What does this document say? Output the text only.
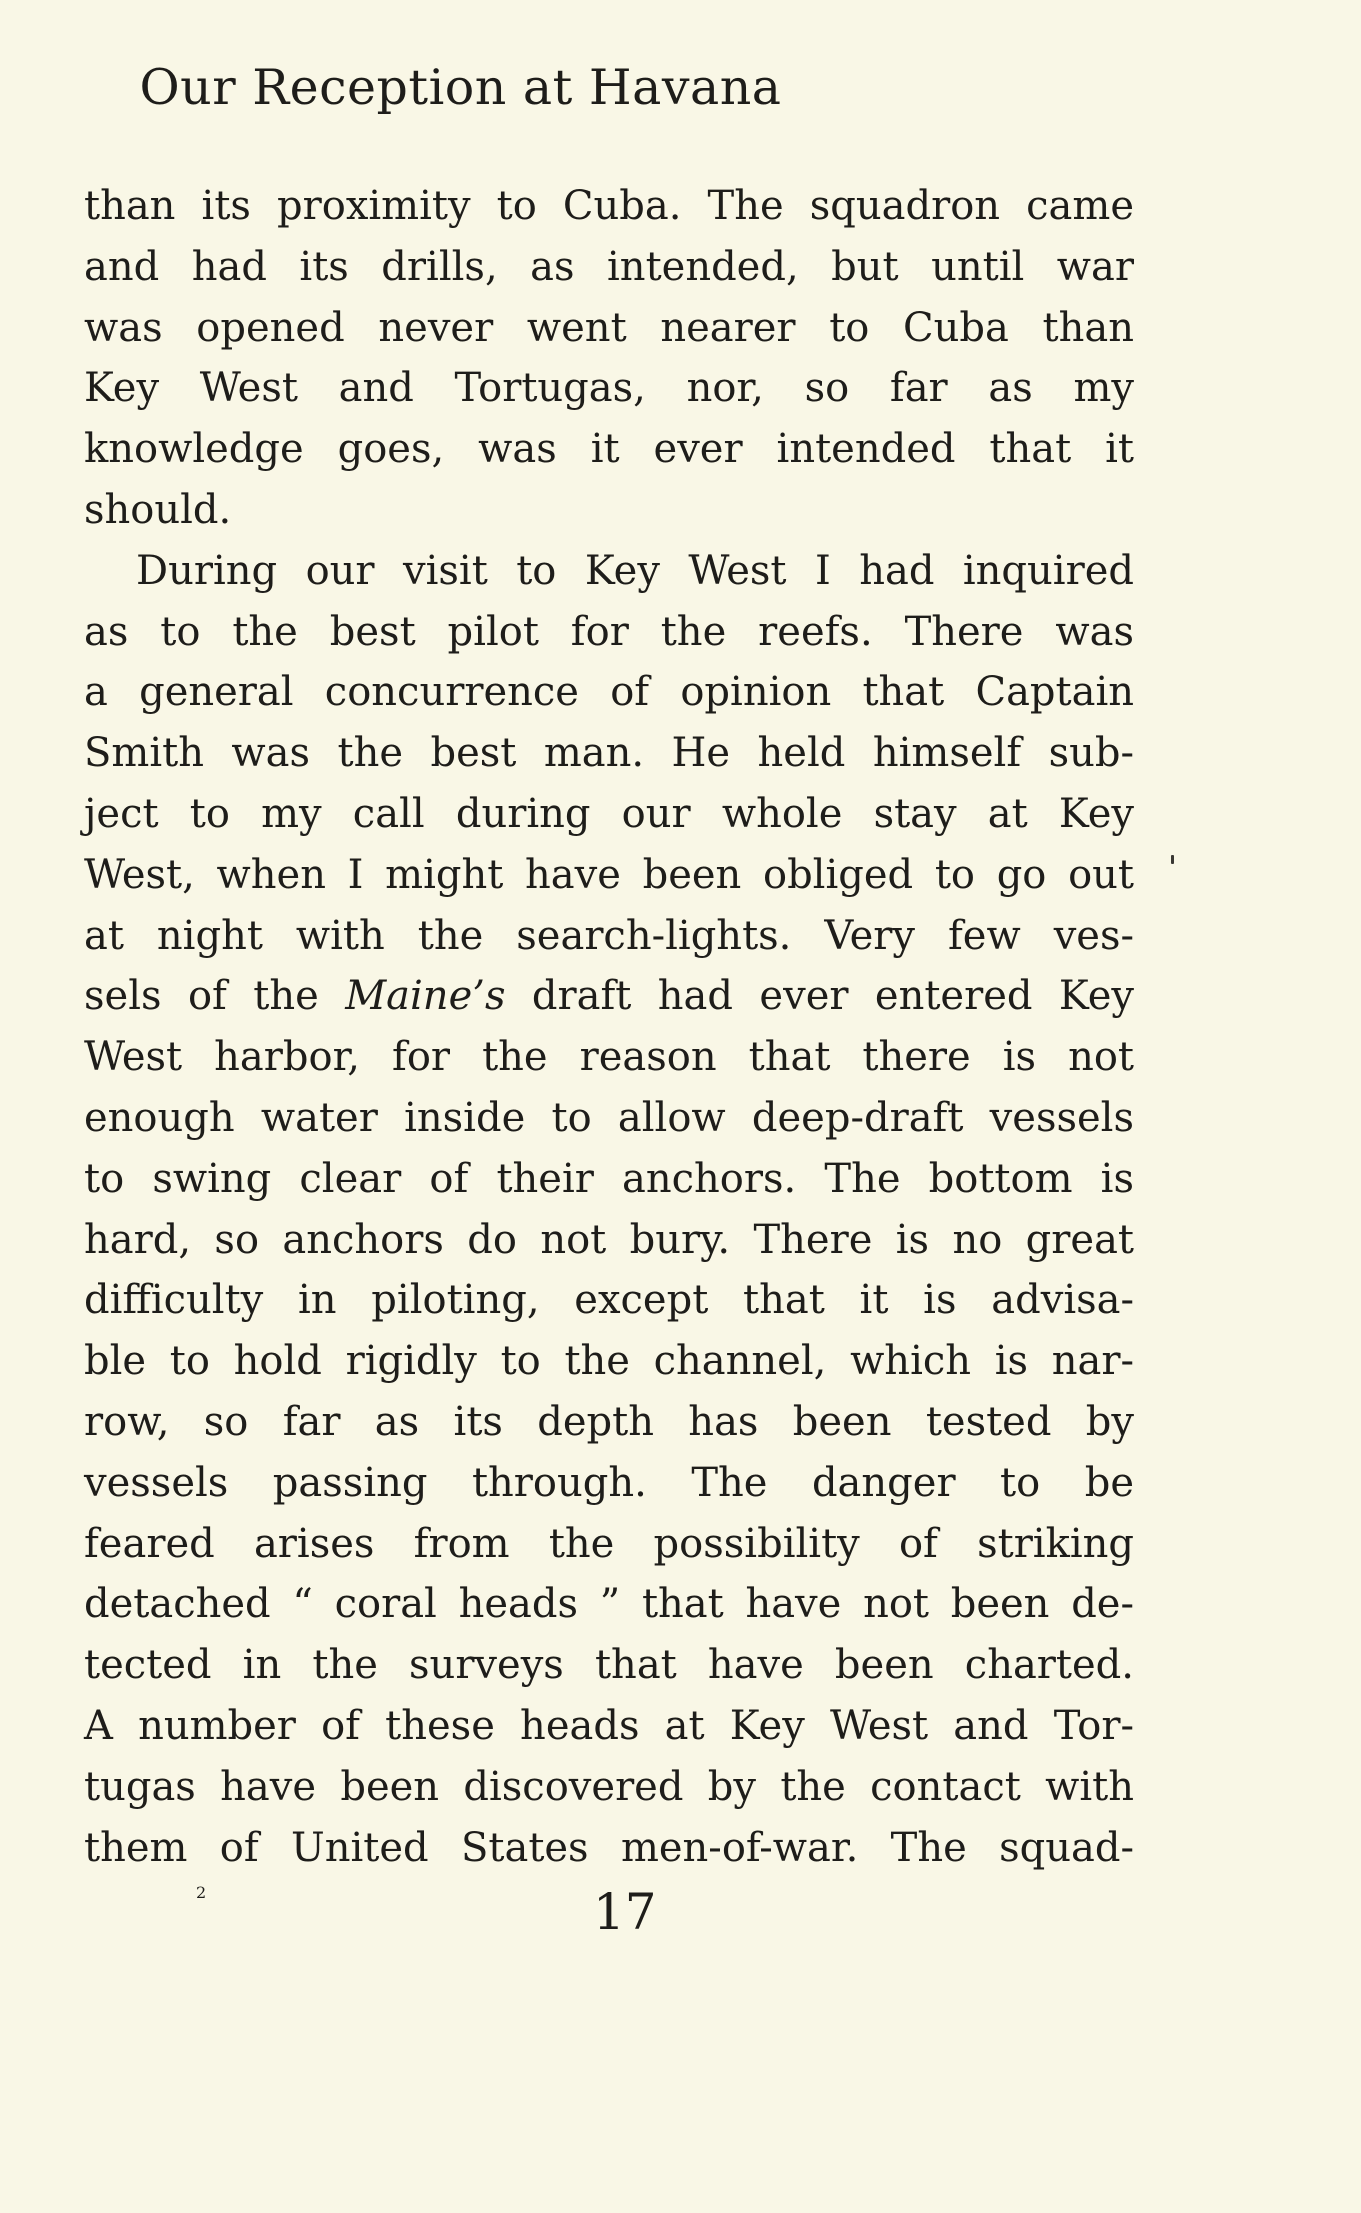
Our Reception at Havana
than its proximity to Cuba. The squadron came
and had its drills, as intended, but until war
was opened never went nearer to Cuba than
Key West and Tortugas, nor, so far as my
knowledge goes, was it ever intended that it
should.
During our visit to Key West I had inquired
as to the best pilot for the reefs. There was
a general concurrence of opinion that Captain
Smith was the best man. He held himself sub-
ject to my call during our whole stay at Key
West, when I might have been obliged to go out
at night with the search-lights. Very few ves-
sels of the Maine’s draft had ever entered Key
West harbor, for the reason that there is not
enough water inside to allow deep-draft vessels
to swing clear of their anchors. The bottom is
hard, so anchors do not bury. There is no great
difficulty in piloting, except that it is advisa-
ble to hold rigidly to the channel, which is nar-
row, so far as its depth has been tested by
vessels passing through. The danger to be
feared arises from the possibility of striking
detached “ coral heads ” that have not been de-
tected in the surveys that have been charted.
A number of these heads at Key West and Tor-
tugas have been discovered by the contact with
them of United States men-of-war. The squad-
2	17
